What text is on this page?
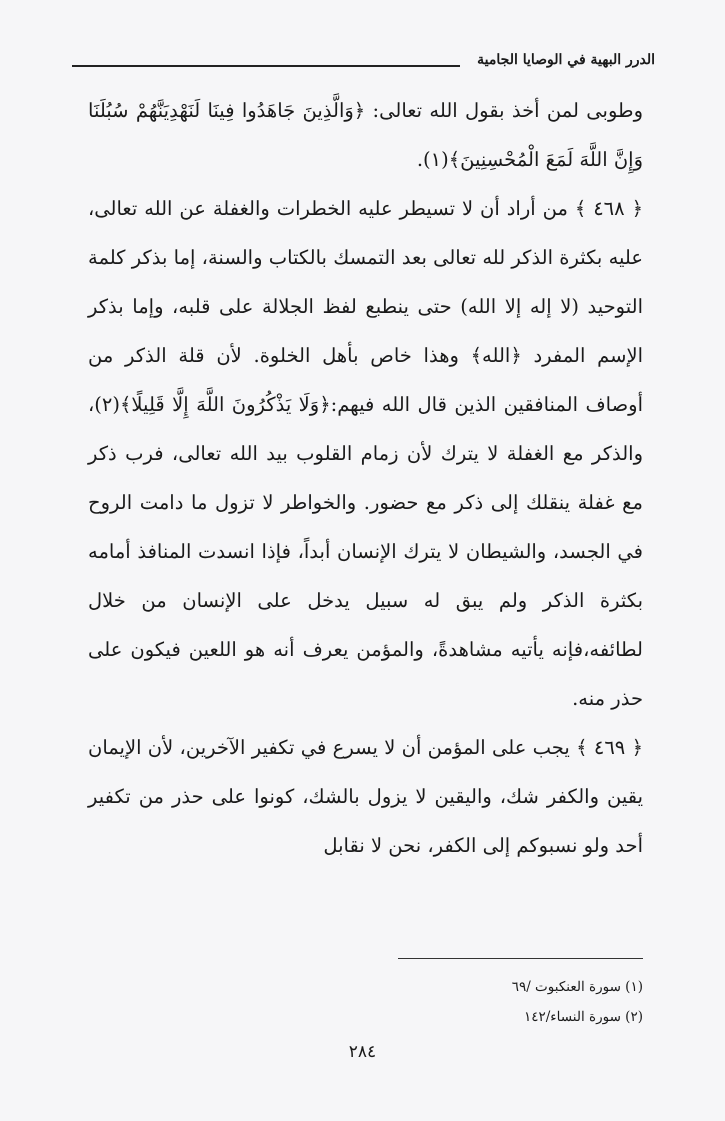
الدرر البهية في الوصايا الجامية

وطوبى لمن أخذ بقول الله تعالى: ﴿وَالَّذِينَ جَاهَدُوا فِينَا لَنَهْدِيَنَّهُمْ سُبُلَنَا وَإِنَّ اللَّهَ لَمَعَ الْمُحْسِنِينَ﴾(١).

﴿ ٤٦٨ ﴾ من أراد أن لا تسيطر عليه الخطرات والغفلة عن الله تعالى، عليه بكثرة الذكر لله تعالى بعد التمسك بالكتاب والسنة، إما بذكر كلمة التوحيد (لا إله إلا الله) حتى ينطبع لفظ الجلالة على قلبه، وإما بذكر الإسم المفرد ﴿الله﴾ وهذا خاص بأهل الخلوة. لأن قلة الذكر من أوصاف المنافقين الذين قال الله فيهم:﴿وَلَا يَذْكُرُونَ اللَّهَ إِلَّا قَلِيلًا﴾(٢)، والذكر مع الغفلة لا يترك لأن زمام القلوب بيد الله تعالى، فرب ذكر مع غفلة ينقلك إلى ذكر مع حضور. والخواطر لا تزول ما دامت الروح في الجسد، والشيطان لا يترك الإنسان أبداً، فإذا انسدت المنافذ أمامه بكثرة الذكر ولم يبق له سبيل يدخل على الإنسان من خلال لطائفه،فإنه يأتيه مشاهدةً، والمؤمن يعرف أنه هو اللعين فيكون على حذر منه.

﴿ ٤٦٩ ﴾ يجب على المؤمن أن لا يسرع في تكفير الآخرين، لأن الإيمان يقين والكفر شك، واليقين لا يزول بالشك، كونوا على حذر من تكفير أحد ولو نسبوكم إلى الكفر، نحن لا نقابل

(١) سورة العنكبوت /٦٩
(٢) سورة النساء/١٤٢
٢٨٤
